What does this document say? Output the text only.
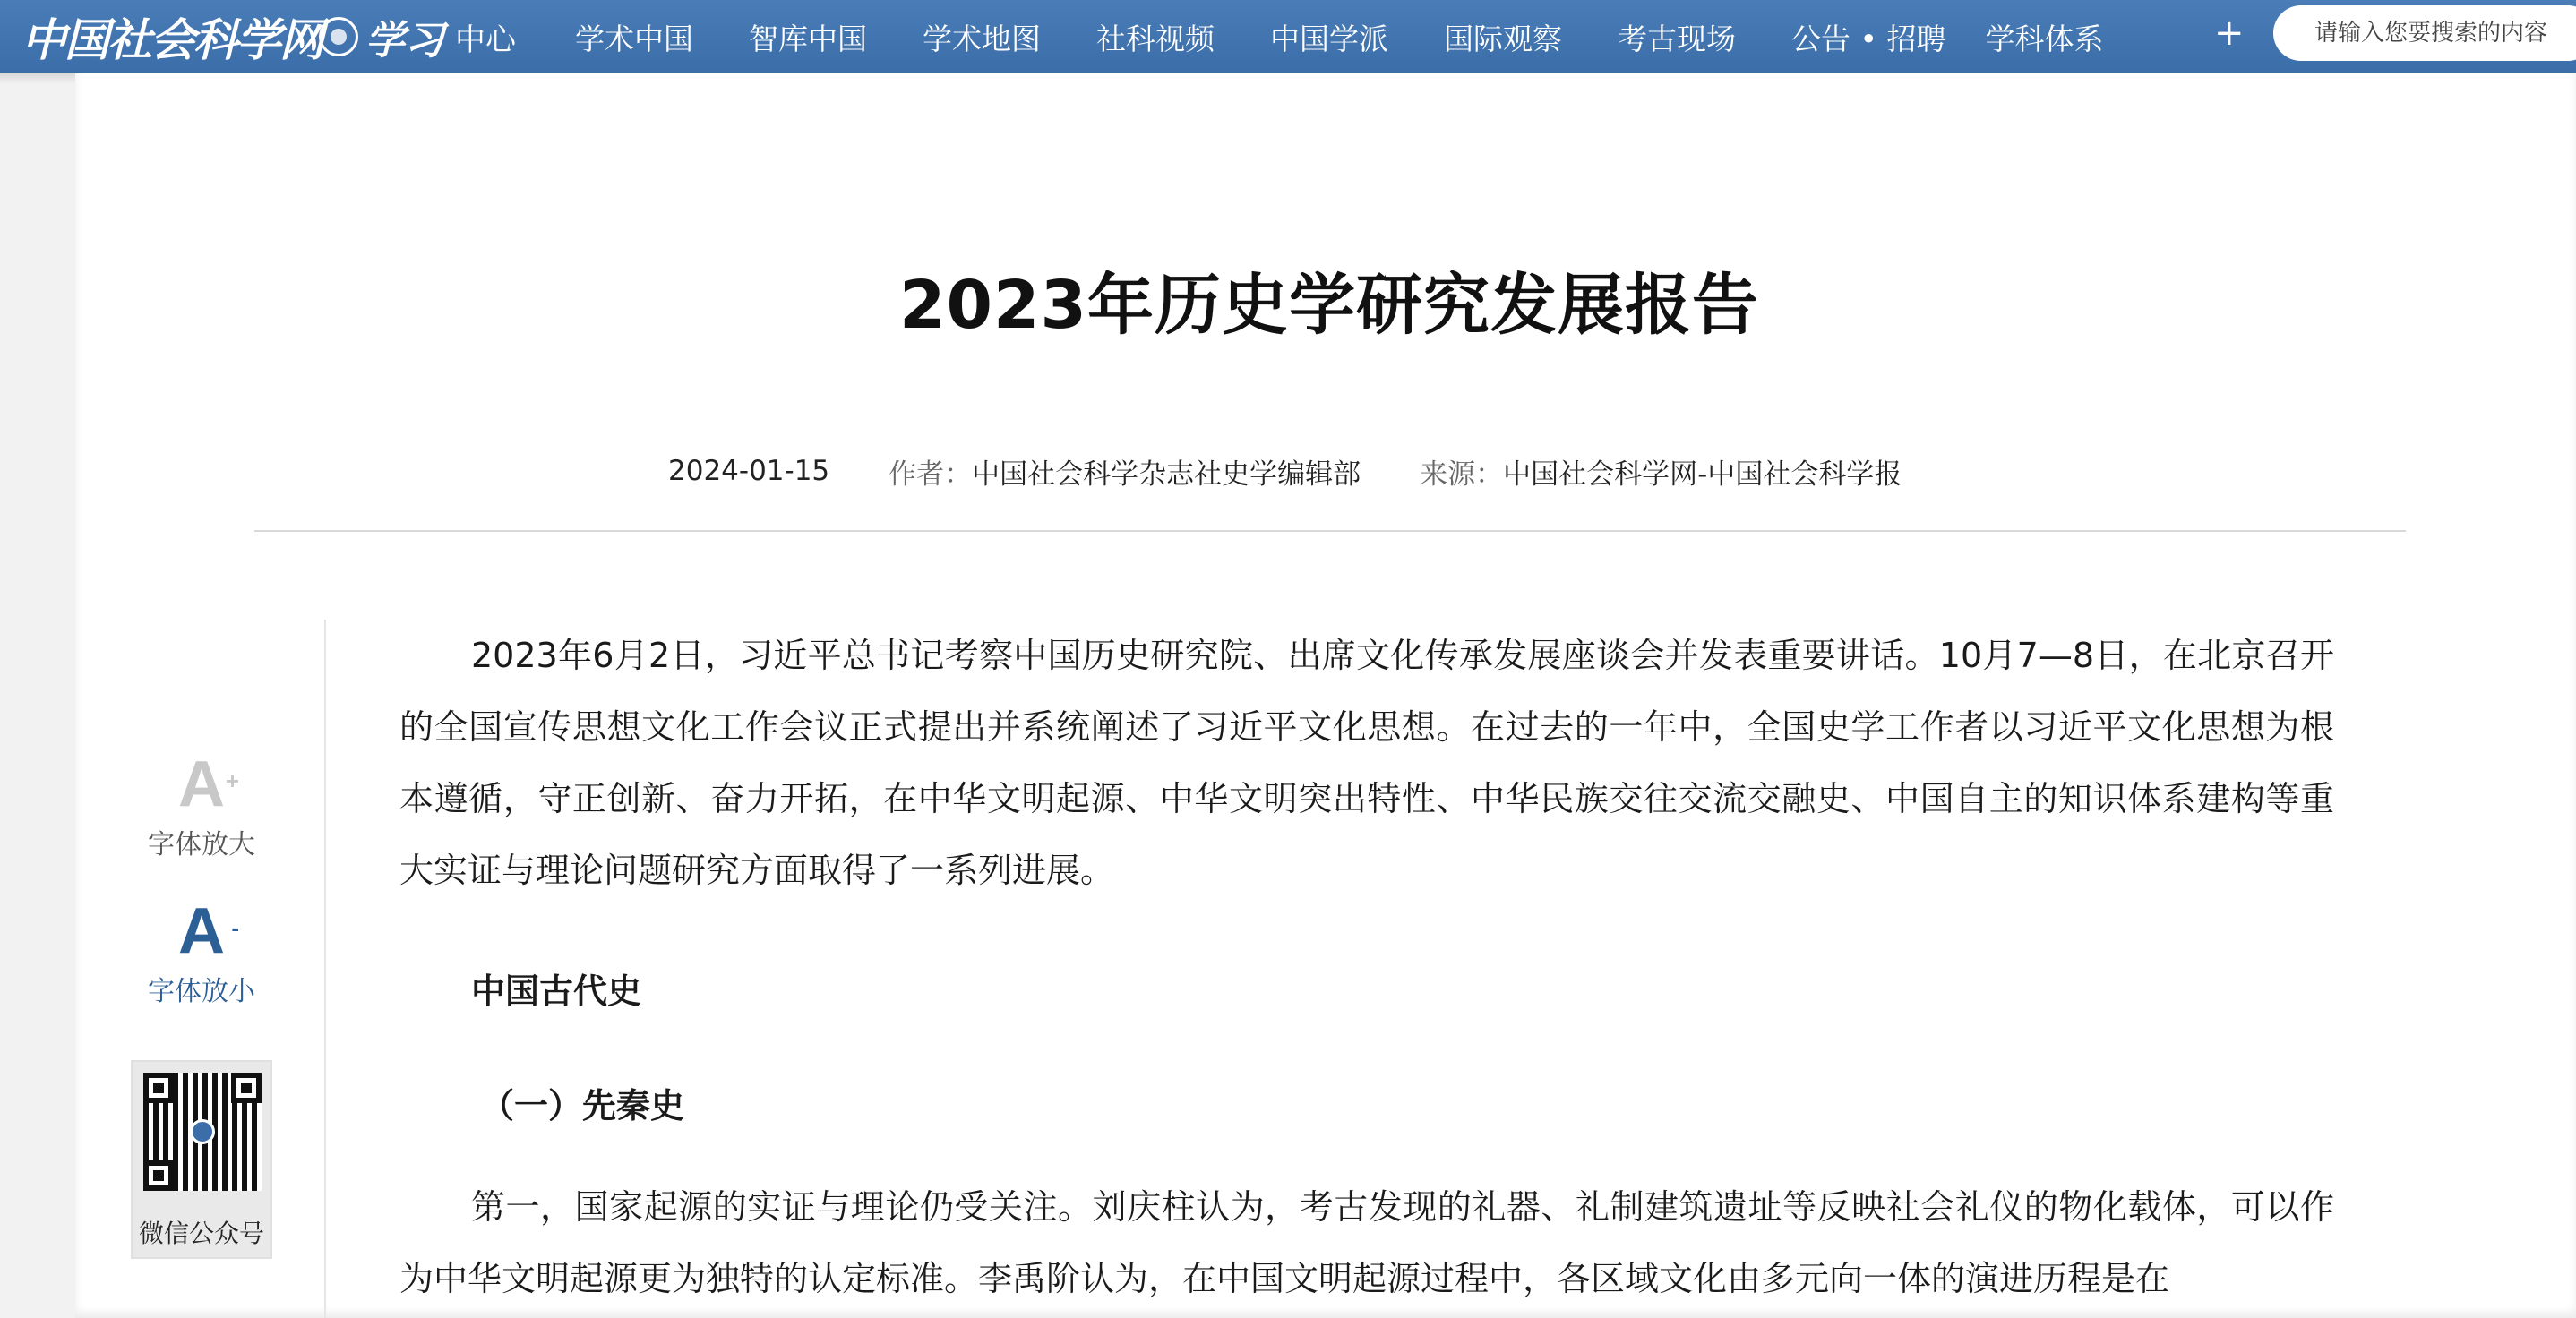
中国社会科学网 学习 中心 学术中国 智库中国 学术地图 社科视频 中国学派 国际观察 考古现场 公告 • 招聘 学科体系	+
请输入您要搜索的内容
2023年历史学研究发展报告
2024-01-15 作者： 中国社会科学杂志社史学编辑部 来源： 中国社会科学网-中国社会科学报
A +
字体放大
A -
字体放小
微信公众号

2023年6月2日，习近平总书记考察中国历史研究院、出席文化传承发展座谈会并发表重要讲话。10月7—8日，在北京召开的全国宣传思想文化工作会议正式提出并系统阐述了习近平文化思想。在过去的一年中，全国史学工作者以习近平文化思想为根本遵循，守正创新、奋力开拓，在中华文明起源、中华文明突出特性、中华民族交往交流交融史、中国自主的知识体系建构等重大实证与理论问题研究方面取得了一系列进展。

中国古代史

（一）先秦史

第一，国家起源的实证与理论仍受关注。刘庆柱认为，考古发现的礼器、礼制建筑遗址等反映社会礼仪的物化载体，可以作为中华文明起源更为独特的认定标准。李禹阶认为，在中国文明起源过程中，各区域文化由多元向一体的演进历程是在
